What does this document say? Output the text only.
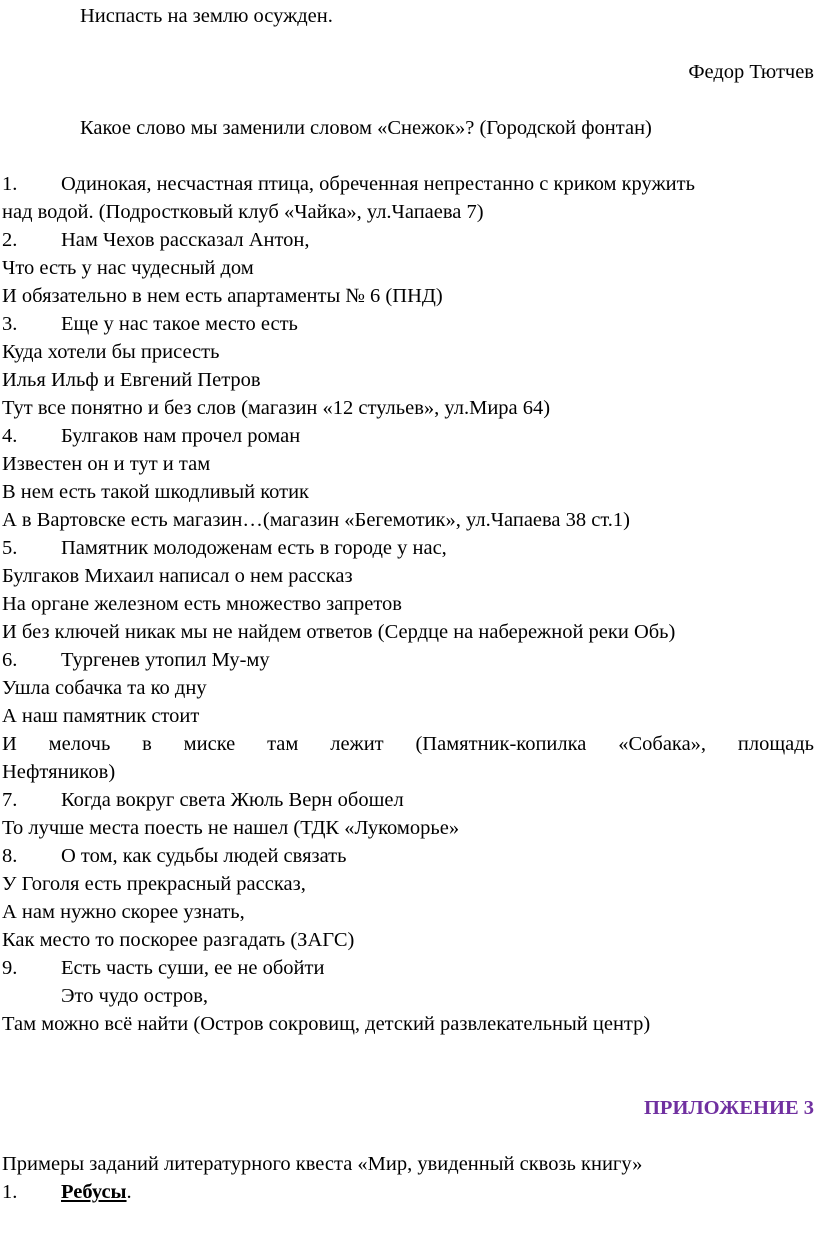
Ниспасть на землю осужден.
Федор Тютчев
Какое слово мы заменили словом «Снежок»? (Городской фонтан)
1. Одинокая, несчастная птица, обреченная непрестанно с криком кружить
над водой. (Подростковый клуб «Чайка», ул.Чапаева 7)
2. Нам Чехов рассказал Антон,
Что есть у нас чудесный дом
И обязательно в нем есть апартаменты № 6 (ПНД)
3. Еще у нас такое место есть
Куда хотели бы присесть
Илья Ильф и Евгений Петров
Тут все понятно и без слов (магазин «12 стульев», ул.Мира 64)
4. Булгаков нам прочел роман
Известен он и тут и там
В нем есть такой шкодливый котик
А в Вартовске есть магазин…(магазин «Бегемотик», ул.Чапаева 38 ст.1)
5. Памятник молодоженам есть в городе у нас,
Булгаков Михаил написал о нем рассказ
На органе железном есть множество запретов
И без ключей никак мы не найдем ответов (Сердце на набережной реки Обь)
6. Тургенев утопил Му-му
Ушла собачка та ко дну
А наш памятник стоит
И мелочь в миске там лежит (Памятник-копилка «Собака», площадь
Нефтяников)
7. Когда вокруг света Жюль Верн обошел
То лучше места поесть не нашел (ТДК «Лукоморье»
8. О том, как судьбы людей связать
У Гоголя есть прекрасный рассказ,
А нам нужно скорее узнать,
Как место то поскорее разгадать (ЗАГС)
9. Есть часть суши, ее не обойти
Это чудо остров,
Там можно всё найти (Остров сокровищ, детский развлекательный центр)
ПРИЛОЖЕНИЕ 3
Примеры заданий литературного квеста «Мир, увиденный сквозь книгу»
1. Ребусы.
